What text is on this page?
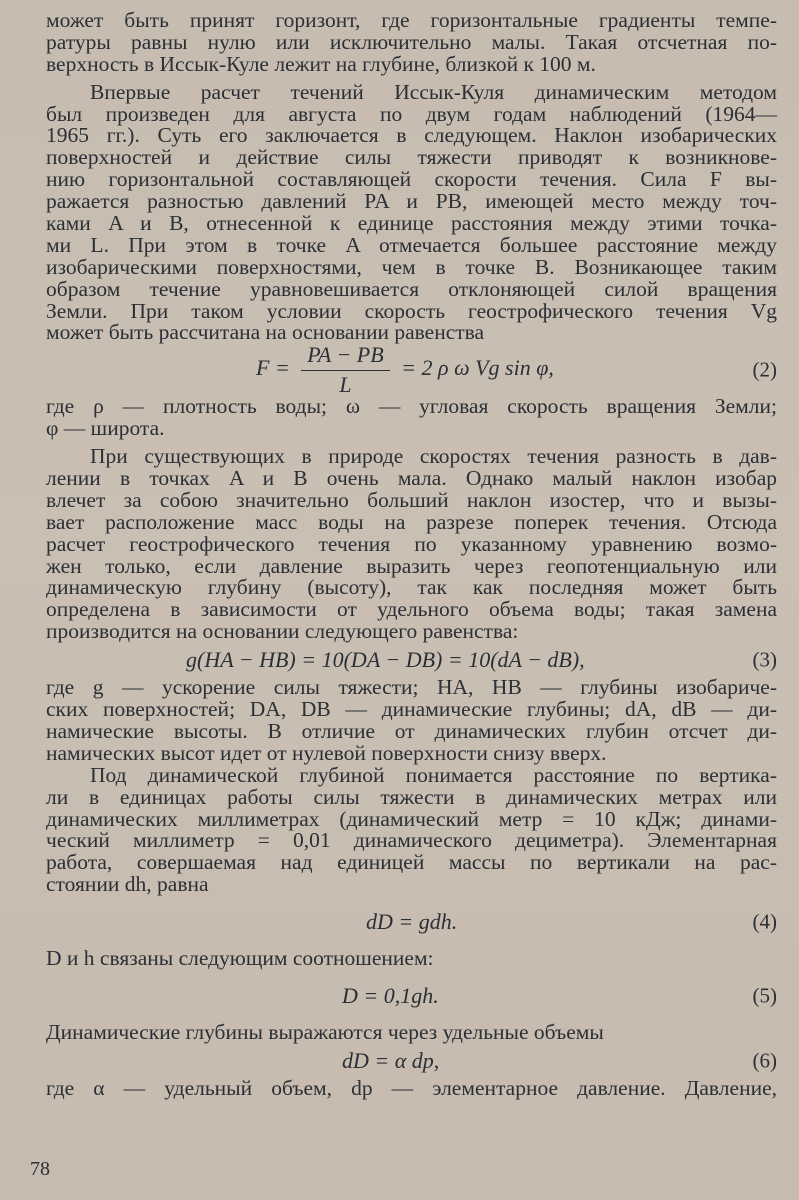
может быть принят горизонт, где горизонтальные градиенты темпе-
ратуры равны нулю или исключительно малы. Такая отсчетная по-
верхность в Иссык-Куле лежит на глубине, близкой к 100 м.
Впервые расчет течений Иссык-Куля динамическим методом
был произведен для августа по двум годам наблюдений (1964—
1965 гг.). Суть его заключается в следующем. Наклон изобарических
поверхностей и действие силы тяжести приводят к возникнове-
нию горизонтальной составляющей скорости течения. Сила F вы-
ражается разностью давлений PA и PB, имеющей место между точ-
ками A и B, отнесенной к единице расстояния между этими точка-
ми L. При этом в точке A отмечается большее расстояние между
изобарическими поверхностями, чем в точке B. Возникающее таким
образом течение уравновешивается отклоняющей силой вращения
Земли. При таком условии скорость геострофического течения Vg
может быть рассчитана на основании равенства
$F = \frac{PA - PB}{L} = 2$ ρ ω Vg sin φ,	(2)
где ρ — плотность воды; ω — угловая скорость вращения Земли;
φ — широта.
При существующих в природе скоростях течения разность в дав-
лении в точках A и B очень мала. Однако малый наклон изобар
влечет за собою значительно больший наклон изостер, что и вызы-
вает расположение масс воды на разрезе поперек течения. Отсюда
расчет геострофического течения по указанному уравнению возмо-
жен только, если давление выразить через геопотенциальную или
динамическую глубину (высоту), так как последняя может быть
определена в зависимости от удельного объема воды; такая замена
производится на основании следующего равенства:
g(HA − HB) = 10(DA − DB) = 10(dA − dB),	(3)
где g — ускорение силы тяжести; HA, HB — глубины изобариче-
ских поверхностей; DA, DB — динамические глубины; dA, dB — ди-
намические высоты. В отличие от динамических глубин отсчет ди-
намических высот идет от нулевой поверхности снизу вверх.
Под динамической глубиной понимается расстояние по вертика-
ли в единицах работы силы тяжести в динамических метрах или
динамических миллиметрах (динамический метр = 10 кДж; динами-
ческий миллиметр = 0,01 динамического дециметра). Элементарная
работа, совершаемая над единицей массы по вертикали на рас-
стоянии dh, равна
dD = gdh.	(4)
D и h связаны следующим соотношением:
D = 0,1gh.	(5)
Динамические глубины выражаются через удельные объемы
dD = α dp,	(6)
где α — удельный объем, dp — элементарное давление. Давление,
78
